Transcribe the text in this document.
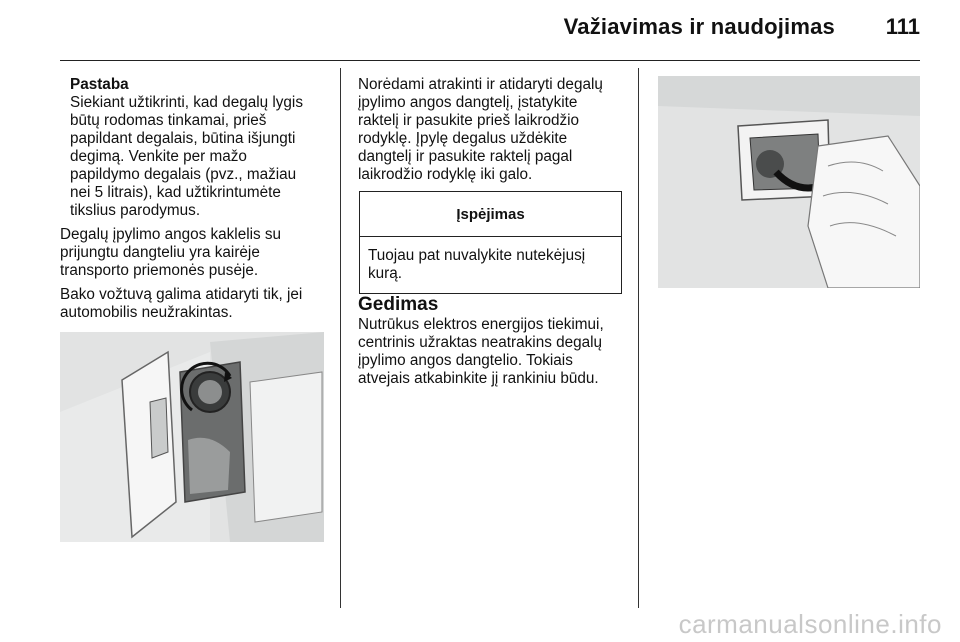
Važiavimas ir naudojimas 111
Pastaba
Siekiant užtikrinti, kad degalų lygis
būtų rodomas tinkamai, prieš
papildant degalais, būtina išjungti
degimą. Venkite per mažo
papildymo degalais (pvz., mažiau
nei 5 litrais), kad užtikrintumėte
tikslius parodymus.
Degalų įpylimo angos kaklelis su
prijungtu dangteliu yra kairėje
transporto priemonės pusėje.
Bako vožtuvą galima atidaryti tik, jei
automobilis neužrakintas.
Norėdami atrakinti ir atidaryti degalų
įpylimo angos dangtelį, įstatykite
raktelį ir pasukite prieš laikrodžio
rodyklę. Įpylę degalus uždėkite
dangtelį ir pasukite raktelį pagal
laikrodžio rodyklę iki galo.
Įspėjimas
Tuojau pat nuvalykite nutekėjusį
kurą.
Gedimas
Nutrūkus elektros energijos tiekimui,
centrinis užraktas neatrakins degalų
įpylimo angos dangtelio. Tokiais
atvejais atkabinkite jį rankiniu būdu.
carmanualsonline.info
